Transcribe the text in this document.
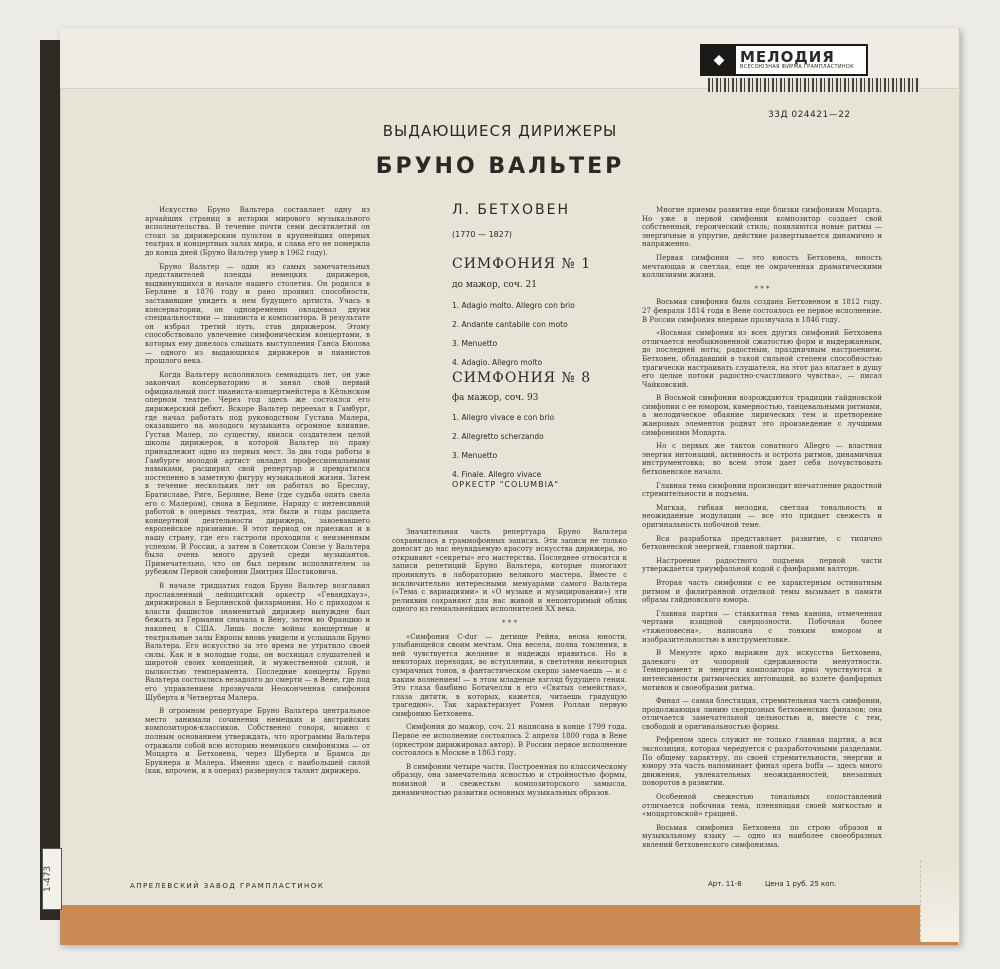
◆	МЕЛОДИЯ
ВСЕСОЮЗНАЯ ФИРМА ГРАМПЛАСТИНОК
33Д 024421—22
ВЫДАЮЩИЕСЯ ДИРИЖЕРЫ
БРУНО ВАЛЬТЕР

Искусство Бруно Вальтера составляет одну из ярчайших страниц в истории мирового музыкального исполнительства. В течение почти семи десятилетий он стоял за дирижерским пультом в крупнейших оперных театрах и концертных залах мира, и слава его не померкла до конца дней (Бруно Вальтер умер в 1962 году).

Бруно Вальтер — один из самых замечательных представителей плеяды немецких дирижеров, выдвинувшихся в начале нашего столетия. Он родился в Берлине в 1876 году и рано проявил способности, заставившие увидеть в нем будущего артиста. Учась в консерватории, он одновременно овладевал двумя специальностями — пианиста и композитора. В результате он избрал третий путь, став дирижером. Этому способствовало увлечение симфоническим концертами, в которых ему довелось слышать выступления Ганса Бюлова — одного из выдающихся дирижеров и пианистов прошлого века.

Когда Вальтеру исполнилось семнадцать лет, он уже закончил консерваторию и занял свой первый официальный пост пианиста-концертмейстера в Кёльнском оперном театре. Через год здесь же состоялся его дирижерский дебют. Вскоре Вальтер переехал в Гамбург, где начал работать под руководством Густава Малера, оказавшего на молодого музыканта огромное влияние. Густав Малер, по существу, явился создателем целой школы дирижеров, в которой Вальтер по праву принадлежит одно из первых мест. За два года работы в Гамбурге молодой артист овладел профессиональными навыками, расширил свой репертуар и превратился постепенно в заметную фигуру музыкальной жизни. Затем в течение нескольких лет он работал во Бреслау, Братиславе, Риге, Берлине, Вене (где судьба опять свела его с Малером), снова в Берлине. Наряду с интенсивной работой в оперных театрах, эти были и годы расцвета концертной деятельности дирижера, завоевавшего европейское признание. В этот период он приезжал и в нашу страну, где его гастроли проходили с неизменным успехом. В России, а затем в Советском Союзе у Вальтера было очень много друзей среди музыкантов. Примечательно, что он был первым исполнителем за рубежом Первой симфонии Дмитрия Шостаковича.

В начале тридцатых годов Бруно Вальтер возглавил прославленный лейпцигский оркестр «Гевандхауз», дирижировал в Берлинской филармонии. Но с приходом к власти фашистов знаменитый дирижер вынужден был бежать из Германии сначала в Вену, затем во Францию и наконец в США. Лишь после войны концертные и театральные залы Европы вновь увидели и услышали Бруно Вальтера. Его искусство за это время не утратило своей силы. Как и в молодые годы, он восхищал слушателей и широтой своих концепций, и мужественной силой, и пылкостью темперамента. Последние концерты Бруно Вальтера состоялись незадолго до смерти — в Вене, где под его управлением прозвучали Неоконченная симфония Шуберта и Четвертая Малера.

В огромном репертуаре Бруно Вальтера центральное место занимали сочинения немецких и австрийских композиторов-классиков. Собственно говоря, можно с полным основанием утверждать, что программы Вальтера отражали собой всю историю немецкого симфонизма — от Моцарта и Бетховена, через Шуберта и Брамса до Брукнера и Малера. Именно здесь с наибольшей силой (как, впрочем, и в операх) развернулся талант дирижера.

Л. БЕТХОВЕН
(1770 — 1827)
СИМФОНИЯ № 1
до мажор, соч. 21
1. Adagio molto. Allegro con brio
2. Andante cantabile con moto
3. Menuetto
4. Adagio. Allegro molto
СИМФОНИЯ № 8
фа мажор, соч. 93
1. Allegro vivace e con brio
2. Allegretto scherzando
3. Menuetto
4. Finale. Allegro vivace
ОРКЕСТР "COLUMBIA"

Значительная часть репертуара Бруно Вальтера сохранилась в граммофонных записях. Эти записи не только доносят до нас неувядаемую красоту искусства дирижера, но открывают «секреты» его мастерства. Последнее относится к записи репетиций Бруно Вальтера, которые помогают проникнуть в лабораторию великого мастера. Вместе с исключительно интересными мемуарами самого Вальтера («Тема с вариациями» и «О музыке и музицировании») эти реликвии сохраняют для нас живой и неповторимый облик одного из гениальнейших исполнителей XX века.

* * *

«Симфония C-dur — детище Рейна, весна юности, улыбающейся своим мечтам. Она весела, полна томления, в ней чувствуется желание и надежда нравиться. Но в некоторых переходах, во вступлении, в светотени некоторых сумрачных тонов, в фантастическом скерцо замечаешь — и с каким волнением! — в этом младенце взгляд будущего гения. Это глаза бамбино Ботичелли в его «Святых семействах», глаза дитяти, в которых, кажется, читаешь грядущую трагедию». Так характеризует Ромен Роллан первую симфонию Бетховена.

Симфония до мажор, соч. 21 написана в конце 1799 года. Первое ее исполнение состоялось 2 апреля 1800 года в Вене (оркестром дирижировал автор). В России первое исполнение состоялось в Москве в 1863 году.

В симфонии четыре части. Построенная по классическому образцу, она замечательна ясностью и стройностью формы, новизной и свежестью композиторского замысла, динамичностью развития основных музыкальных образов.

Многие приемы развития еще близки симфониям Моцарта. Но уже в первой симфонии композитор создает свой собственный, героический стиль; появляются новые ритмы — энергичные и упругие, действие развертывается динамично и напряженно.

Первая симфония — это юность Бетховена, юность мечтающая и светлая, еще не омраченная драматическими коллизиями жизни.

* * *

Восьмая симфония была создана Бетховеном в 1812 году. 27 февраля 1814 года в Вене состоялось ее первое исполнение. В России симфония впервые прозвучала в 1846 году.

«Восьмая симфония из всех других симфоний Бетховена отличается необыкновенной сжатостью форм и выдержанным, до последней ноты, радостным, праздничным настроением. Бетховен, обладавший в такой сильной степени способностью трагически настраивать слушателя, на этот раз влагает в душу его целые потоки радостно-счастливого чувства», — писал Чайковский.

В Восьмой симфонии возрождаются традиции гайдновской симфонии с ее юмором, камерностью, танцевальными ритмами, а мелодическое обаяние лирических тем и претворение жанровых элементов роднят это произведение с лучшими симфониями Моцарта.

Но с первых же тактов сонатного Allegro — властная энергия интонаций, активность и острота ритмов, динамичная инструментовка; во всем этом дает себя почувствовать бетховенское начало.

Главная тема симфонии производит впечатление радостной стремительности и подъема.

Мягкая, гибкая мелодия, светлая тональность и неожиданные модуляции — все это придает свежесть и оригинальность побочной теме.

Вся разработка представляет развитие, с типично бетховенской энергией, главной партии.

Настроение радостного подъема первой части утверждается триумфальной кодой с фанфарами валторн.

Вторая часть симфонии с ее характерным остинатным ритмом и филигранной отделкой темы вызывает в памяти образы гайдновского юмора.

Главная партия — стаккатная тема канона, отмеченная чертами изящной скерцозности. Побочная более «тяжеловесна», написана с тонким юмором и изобразительностью в инструментовке.

В Менуэте ярко выражен дух искусства Бетховена, далекого от чопорной сдержанности менуэтности. Темперамент и энергия композитора ярко чувствуются в интенсивности ритмических интонаций, во взлете фанфарных мотивов и своеобразии ритма.

Финал — самая блестящая, стремительная часть симфонии, продолжающая линию скерцозных бетховенских финалов; она отличается замечательной цельностью и, вместе с тем, свободой и оригинальностью формы.

Рефреном здесь служит не только главная партия, а вся экспозиция, которая чередуется с разработочными разделами. По общему характеру, по своей стремительности, энергии и юмору эта часть напоминает финал opera buffa — здесь много движения, увлекательных неожиданностей, внезапных поворотов в развитии.

Особенной свежестью тональных сопоставлений отличается побочная тема, пленяющая своей мягкостью и «моцартовской» грацией.

Восьмая симфония Бетховена по строю образов и музыкальному языку — одно из наиболее своеобразных явлений бетховенского симфонизма.

АПРЕЛЕВСКИЙ ЗАВОД ГРАМПЛАСТИНОК	Арт. 11-8	Цена 1 руб. 25 коп.
1-473
